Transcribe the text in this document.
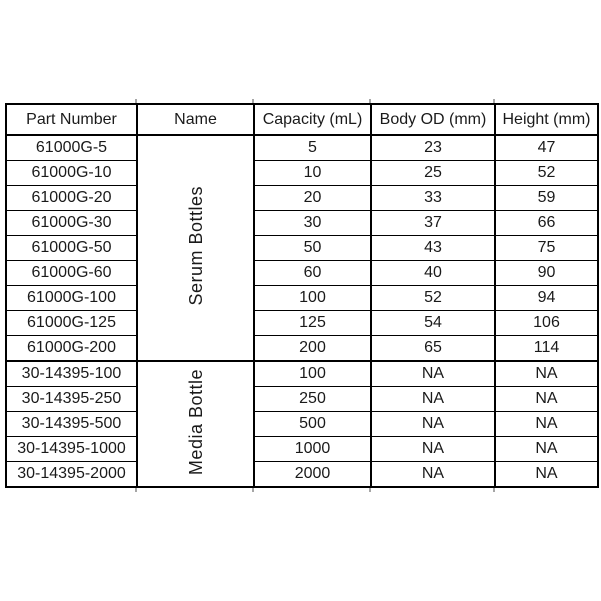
Part Number	Name	Capacity (mL)	Body OD (mm)	Height (mm)
61000G-5	Serum Bottles	5	23	47
61000G-10		10	25	52
61000G-20		20	33	59
61000G-30		30	37	66
61000G-50		50	43	75
61000G-60		60	40	90
61000G-100		100	52	94
61000G-125		125	54	106
61000G-200		200	65	114
30-14395-100	Media Bottle	100	NA	NA
30-14395-250		250	NA	NA
30-14395-500		500	NA	NA
30-14395-1000		1000	NA	NA
30-14395-2000		2000	NA	NA
